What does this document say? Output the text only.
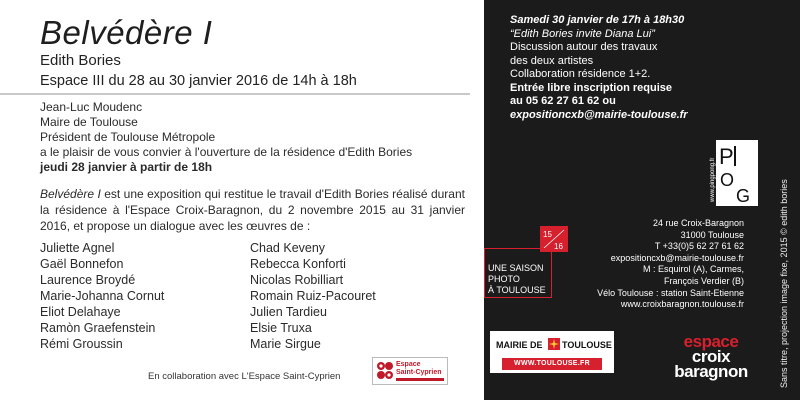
Belvédère I
Edith Bories
Espace III du 28 au 30 janvier 2016 de 14h à 18h
Jean-Luc Moudenc
Maire de Toulouse
Président de Toulouse Métropole
a le plaisir de vous convier à l'ouverture de la résidence d'Edith Bories
jeudi 28 janvier à partir de 18h

Belvédère I est une exposition qui restitue le travail d'Edith Bories réalisé durant la résidence à l'Espace Croix-Baragnon, du 2 novembre 2015 au 31 janvier 2016, et propose un dialogue avec les œuvres de :

Juliette Agnel
Gaël Bonnefon
Laurence Broydé
Marie-Johanna Cornut
Eliot Delahaye
Ramòn Graefenstein
Rémi Groussin
Chad Keveny
Rebecca Konforti
Nicolas Robilliart
Romain Ruiz-Pacouret
Julien Tardieu
Elsie Truxa
Marie Sirgue
En collaboration avec L'Espace Saint-Cyprien
Espace
Saint-Cyprien
Samedi 30 janvier de 17h à 18h30
“Edith Bories invite Diana Lui”
Discussion autour des travaux
des deux artistes
Collaboration résidence 1+2.
Entrée libre inscription requise
au 05 62 27 61 62 ou
expositioncxb@mairie-toulouse.fr
www.pingpong.fr
P
O
G
24 rue Croix-Baragnon
31000 Toulouse
T +33(0)5 62 27 61 62
expositioncxb@mairie-toulouse.fr
M : Esquirol (A), Carmes,
François Verdier (B)
Vélo Toulouse : station Saint-Etienne
www.croixbaragnon.toulouse.fr
15
16
UNE SAISON
PHOTO
À TOULOUSE
MAIRIE DE TOULOUSE
WWW.TOULOUSE.FR
espace
croix
baragnon	Sans titre, projection image fixe, 2015 © edith bories
